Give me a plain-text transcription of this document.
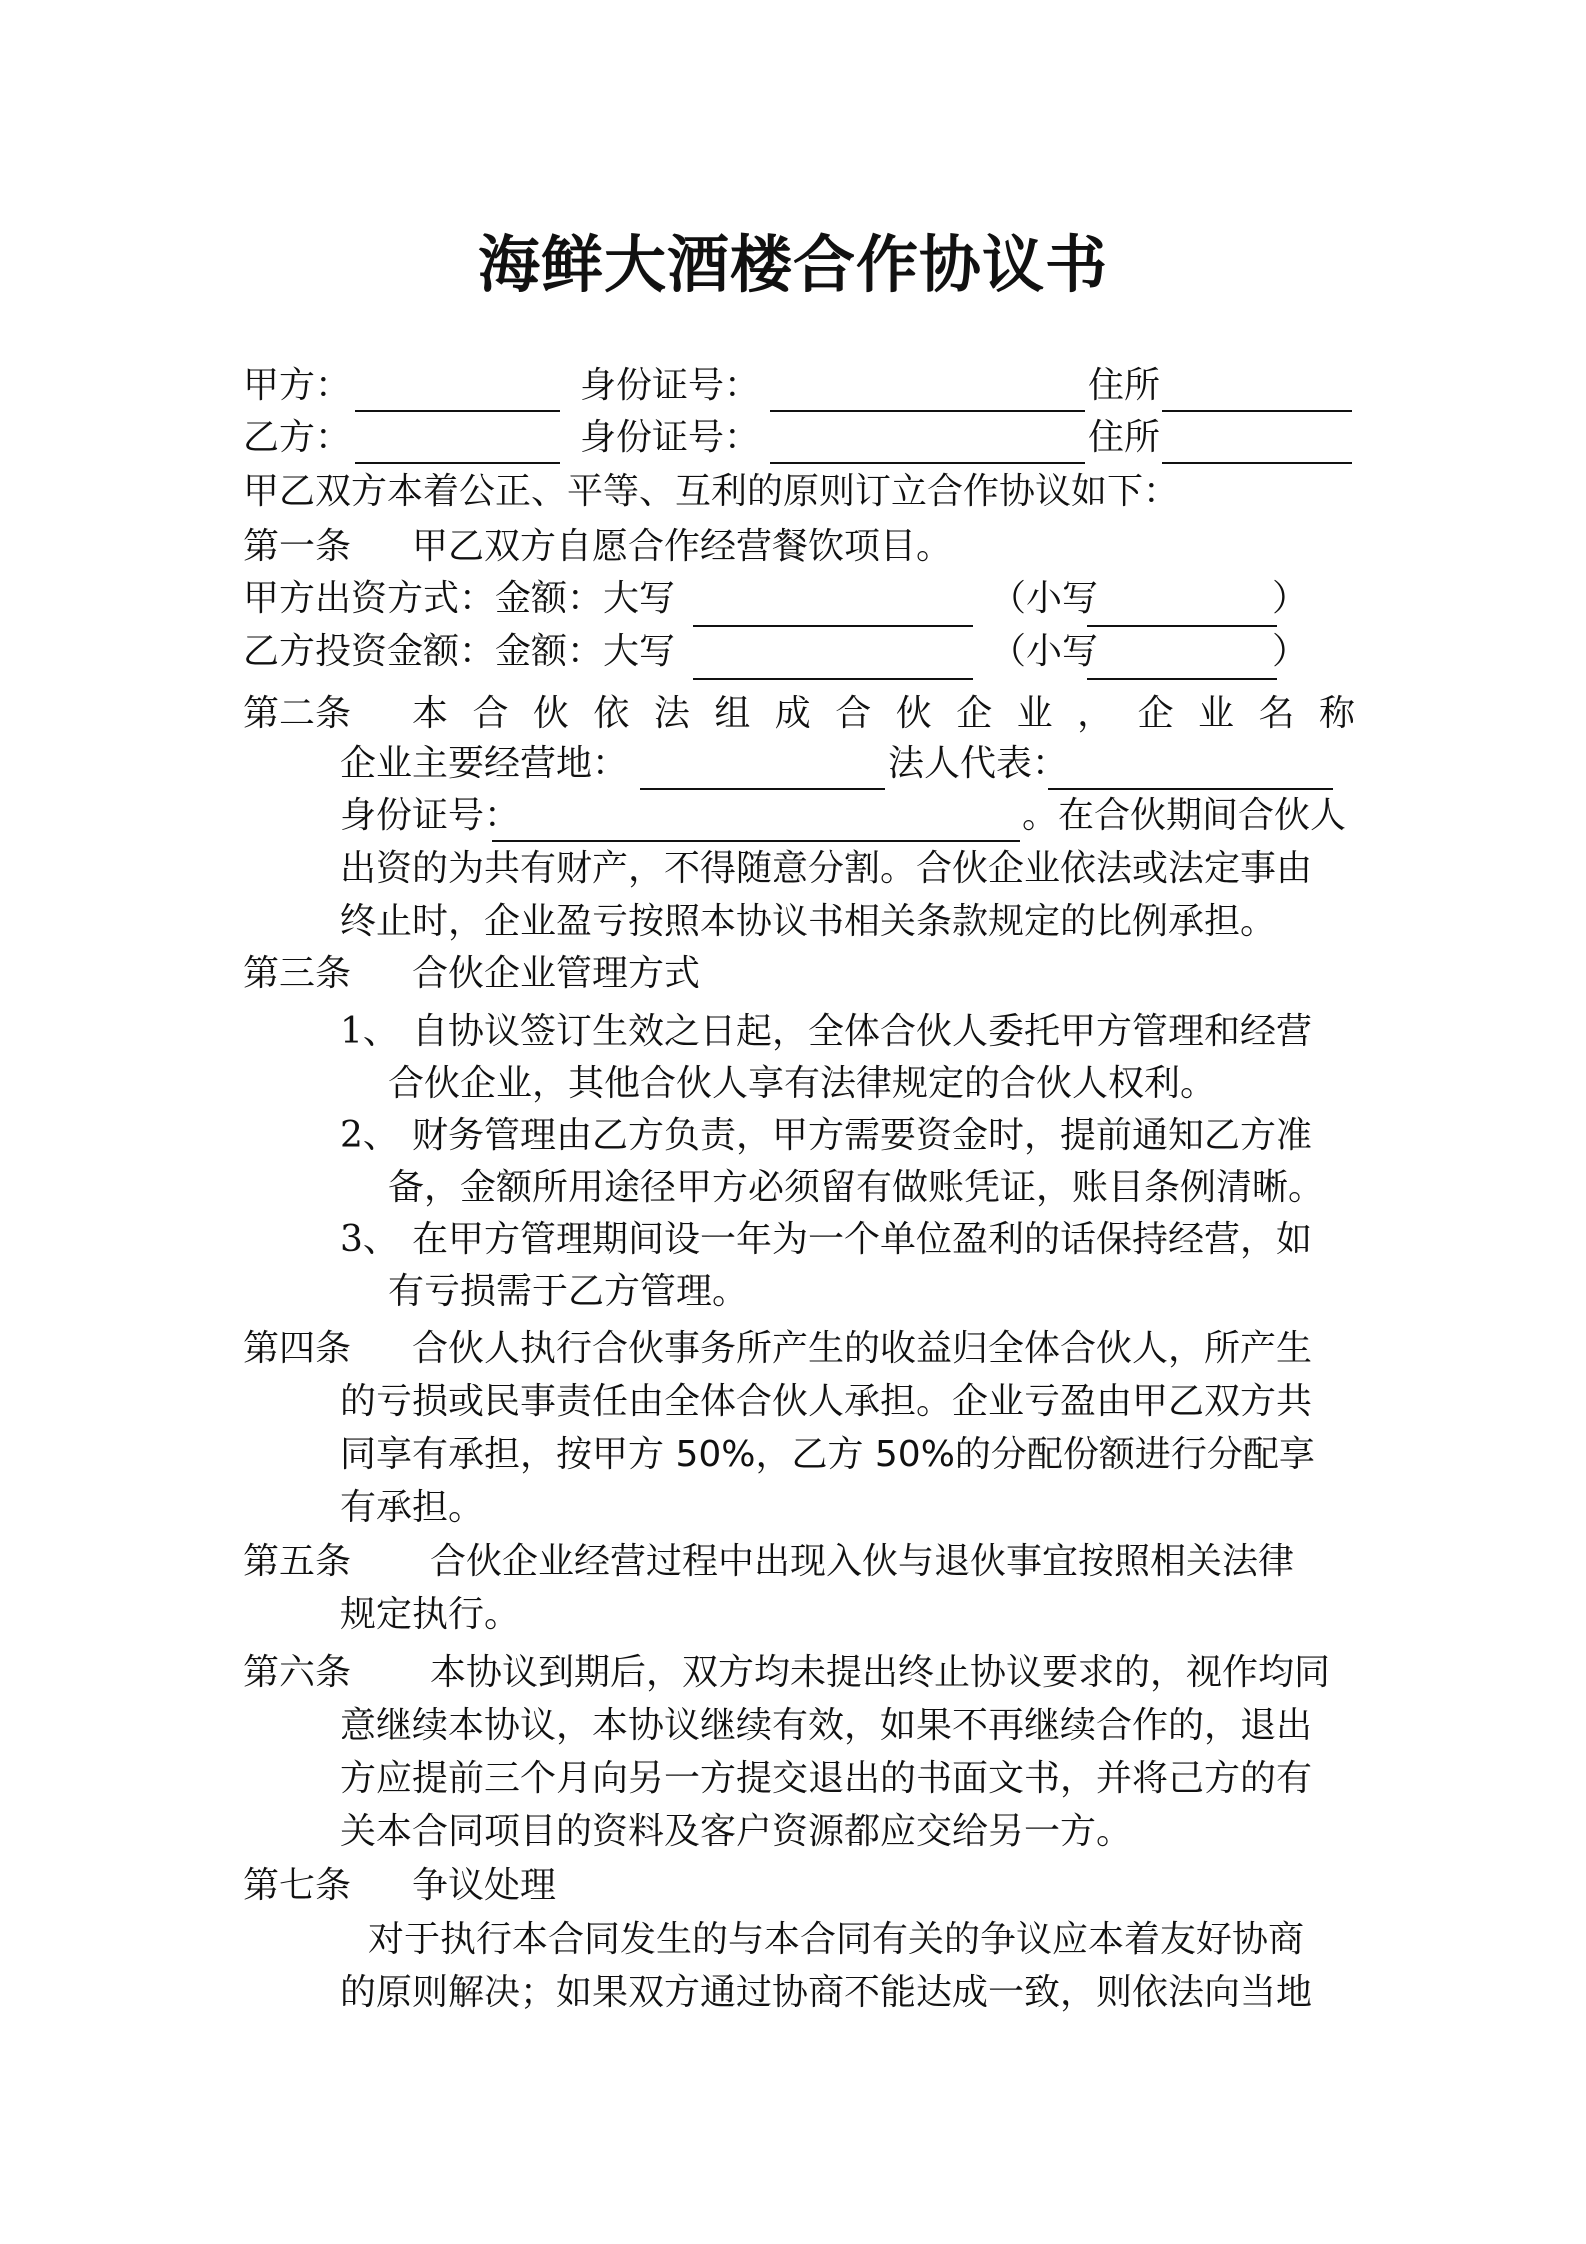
海鲜大酒楼合作协议书
甲方：	身份证号：	住所
乙方：	身份证号：	住所
甲乙双方本着公正、平等、互利的原则订立合作协议如下：
第一条 甲乙双方自愿合作经营餐饮项目。
甲方出资方式：金额：大写	（小写	）
乙方投资金额：金额：大写	（小写	）
第二条 本合伙依法组成合伙企业，企业名称
企业主要经营地：	法人代表：
身份证号：	。在合伙期间合伙人
出资的为共有财产，不得随意分割。合伙企业依法或法定事由
终止时，企业盈亏按照本协议书相关条款规定的比例承担。
第三条 合伙企业管理方式
1、 自协议签订生效之日起，全体合伙人委托甲方管理和经营
合伙企业，其他合伙人享有法律规定的合伙人权利。
2、 财务管理由乙方负责，甲方需要资金时，提前通知乙方准
备，金额所用途径甲方必须留有做账凭证，账目条例清晰。
3、 在甲方管理期间设一年为一个单位盈利的话保持经营，如
有亏损需于乙方管理。
第四条 合伙人执行合伙事务所产生的收益归全体合伙人，所产生
的亏损或民事责任由全体合伙人承担。企业亏盈由甲乙双方共
同享有承担，按甲方 50%，乙方 50%的分配份额进行分配享
有承担。
第五条 合伙企业经营过程中出现入伙与退伙事宜按照相关法律
规定执行。
第六条 本协议到期后，双方均未提出终止协议要求的，视作均同
意继续本协议，本协议继续有效，如果不再继续合作的，退出
方应提前三个月向另一方提交退出的书面文书，并将己方的有
关本合同项目的资料及客户资源都应交给另一方。
第七条 争议处理
对于执行本合同发生的与本合同有关的争议应本着友好协商
的原则解决；如果双方通过协商不能达成一致，则依法向当地
